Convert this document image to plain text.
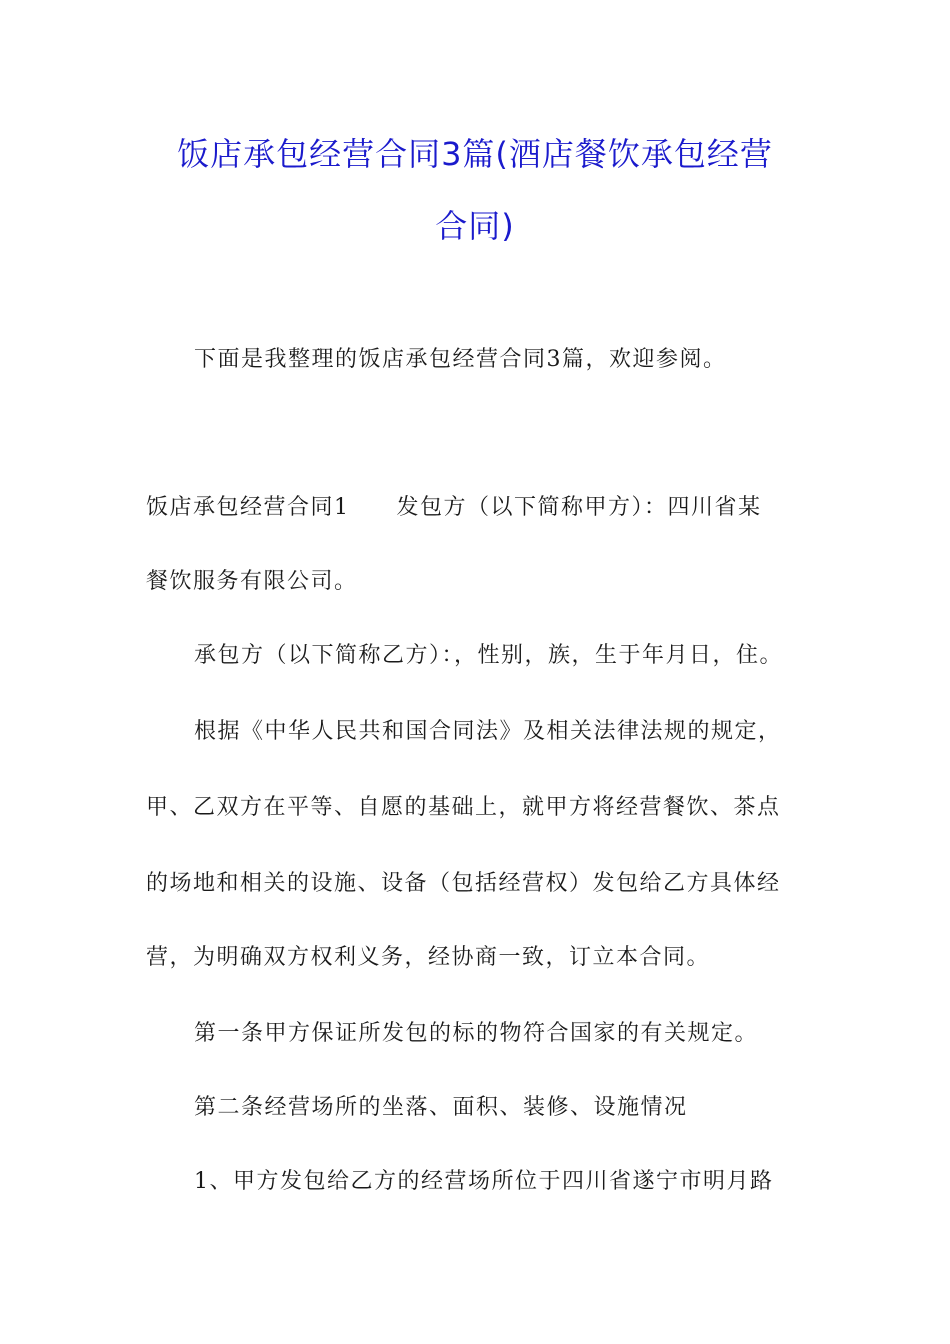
饭店承包经营合同3篇(酒店餐饮承包经营
合同)

下面是我整理的饭店承包经营合同3篇，欢迎参阅。

饭店承包经营合同1　　发包方（以下简称甲方）：四川省某

餐饮服务有限公司。

承包方（以下简称乙方）：，性别，族，生于年月日，住。

根据《中华人民共和国合同法》及相关法律法规的规定，

甲、乙双方在平等、自愿的基础上，就甲方将经营餐饮、茶点

的场地和相关的设施、设备（包括经营权）发包给乙方具体经

营，为明确双方权利义务，经协商一致，订立本合同。

第一条甲方保证所发包的标的物符合国家的有关规定。

第二条经营场所的坐落、面积、装修、设施情况

1、甲方发包给乙方的经营场所位于四川省遂宁市明月路
